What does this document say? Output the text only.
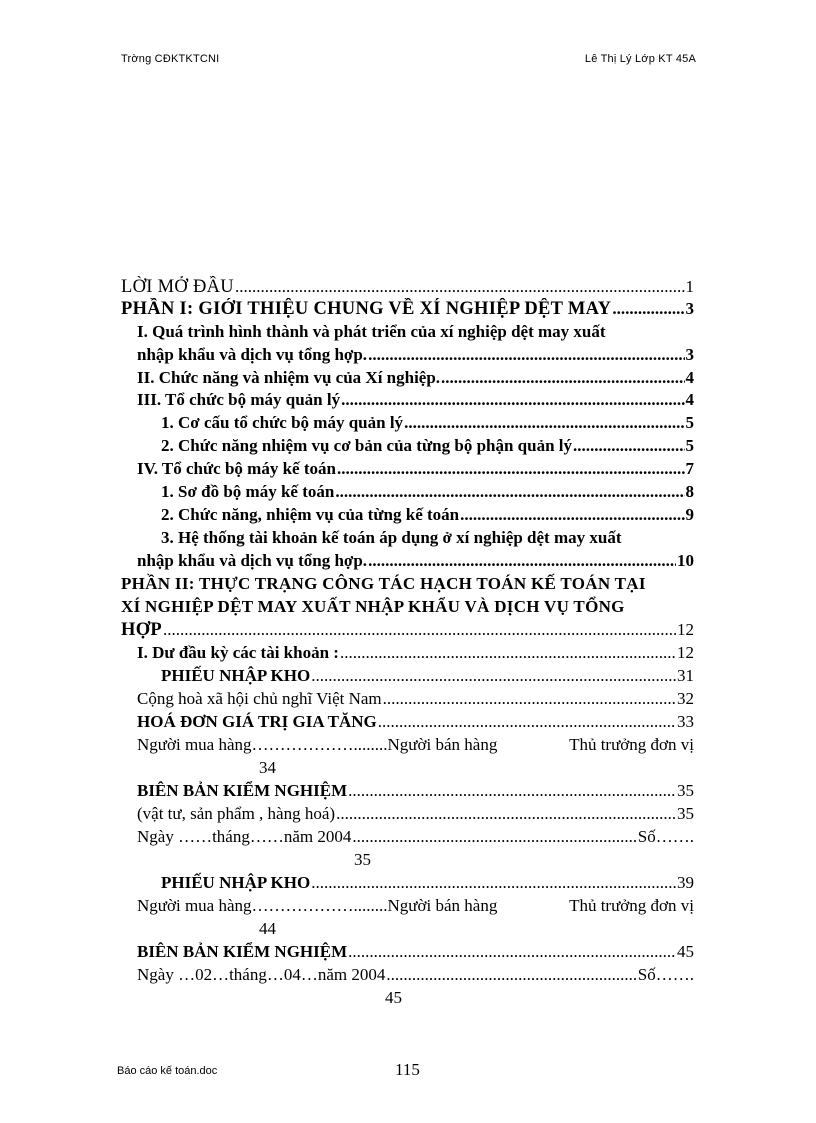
Trờng CĐKTKTCNI	Lê Thị Lý Lớp KT 45A
LỜI MỞ ĐẦU .....	1
PHẦN I: GIỚI THIỆU CHUNG VỀ XÍ NGHIỆP DỆT MAY .....	3
I. Quá trình hình thành và phát triển của xí nghiệp dệt may xuất
nhập khẩu và dịch vụ tổng hợp. .....	3
II. Chức năng và nhiệm vụ của Xí nghiệp. .....	4
III. Tổ chức bộ máy quản lý .....	4
1. Cơ cấu tổ chức bộ máy quản lý .....	5
2. Chức năng nhiệm vụ cơ bản của từng bộ phận quản lý .....	5
IV. Tổ chức bộ máy kế toán .....	7
1. Sơ đồ bộ máy kế toán .....	8
2. Chức năng, nhiệm vụ của từng kế toán .....	9
3. Hệ thống tài khoản kế toán áp dụng ở xí nghiệp dệt may xuất
nhập khẩu và dịch vụ tổng hợp. .....	10
PHẦN II: THỰC TRẠNG CÔNG TÁC HẠCH TOÁN KẾ TOÁN TẠI
XÍ NGHIỆP DỆT MAY XUẤT NHẬP KHẨU VÀ DỊCH VỤ TỔNG
HỢP .....	12
I. Dư đầu kỳ các tài khoản : .....	12
PHIẾU NHẬP KHO .....	31
Cộng hoà xã hội chủ nghĩ Việt Nam .....	32
HOÁ ĐƠN GIÁ TRỊ GIA TĂNG .....	33
Người mua hàng………………........Người bán hàng	Thủ trưởng đơn vị
34
BIÊN BẢN KIỂM NGHIỆM .....	35
(vật tư, sản phẩm , hàng hoá) .....	35
Ngày ……tháng……năm 2004 .....	Số…….
35
PHIẾU NHẬP KHO .....	39
Người mua hàng………………........Người bán hàng	Thủ trưởng đơn vị
44
BIÊN BẢN KIỂM NGHIỆM .....	45
Ngày …02…tháng…04…năm 2004 .....	Số…….
45
Báo cáo kế toán.doc	115
